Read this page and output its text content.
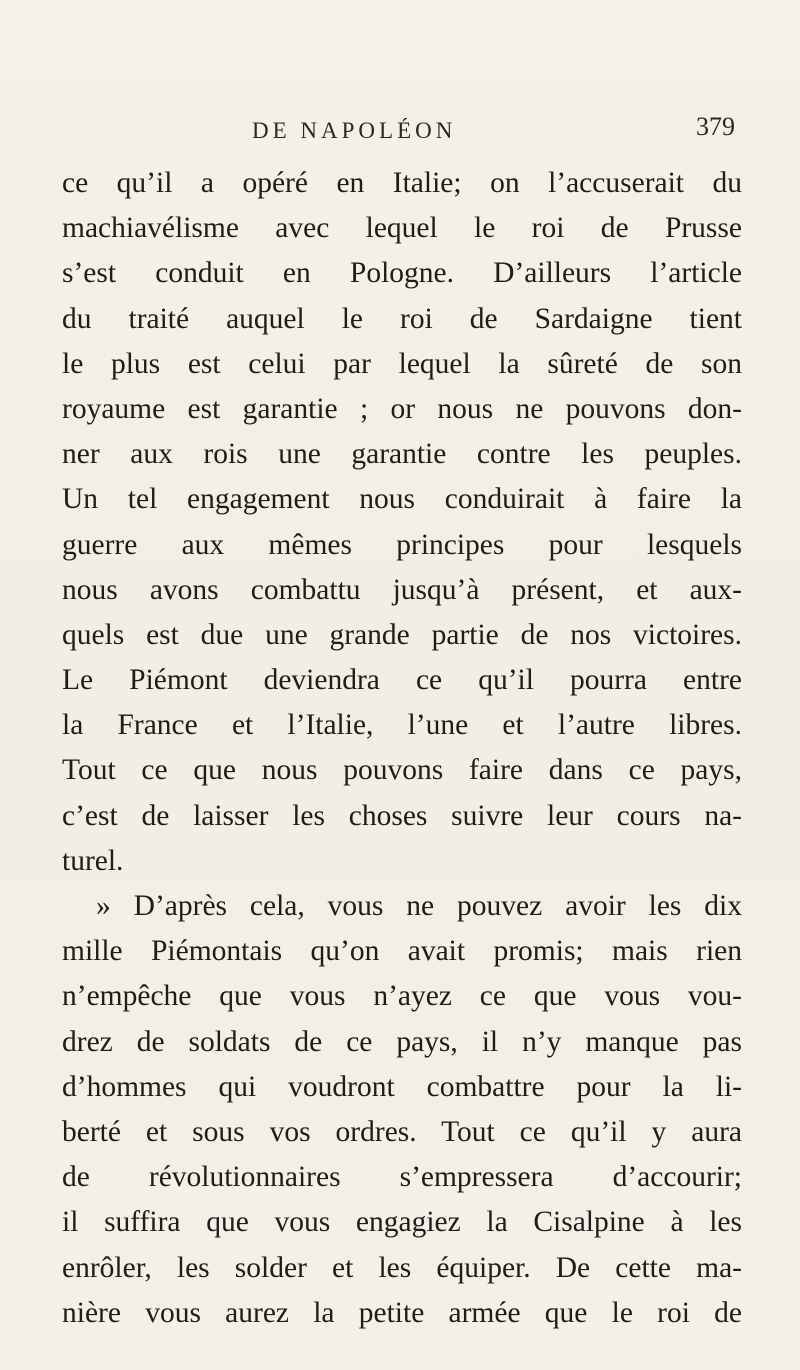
DE NAPOLÉON	379
ce qu’il a opéré en Italie; on l’accuserait du
machiavélisme avec lequel le roi de Prusse
s’est conduit en Pologne. D’ailleurs l’article
du traité auquel le roi de Sardaigne tient
le plus est celui par lequel la sûreté de son
royaume est garantie ; or nous ne pouvons don-
ner aux rois une garantie contre les peuples.
Un tel engagement nous conduirait à faire la
guerre aux mêmes principes pour lesquels
nous avons combattu jusqu’à présent, et aux-
quels est due une grande partie de nos victoires.
Le Piémont deviendra ce qu’il pourra entre
la France et l’Italie, l’une et l’autre libres.
Tout ce que nous pouvons faire dans ce pays,
c’est de laisser les choses suivre leur cours na-
turel.
» D’après cela, vous ne pouvez avoir les dix
mille Piémontais qu’on avait promis; mais rien
n’empêche que vous n’ayez ce que vous vou-
drez de soldats de ce pays, il n’y manque pas
d’hommes qui voudront combattre pour la li-
berté et sous vos ordres. Tout ce qu’il y aura
de révolutionnaires s’empressera d’accourir;
il suffira que vous engagiez la Cisalpine à les
enrôler, les solder et les équiper. De cette ma-
nière vous aurez la petite armée que le roi de
